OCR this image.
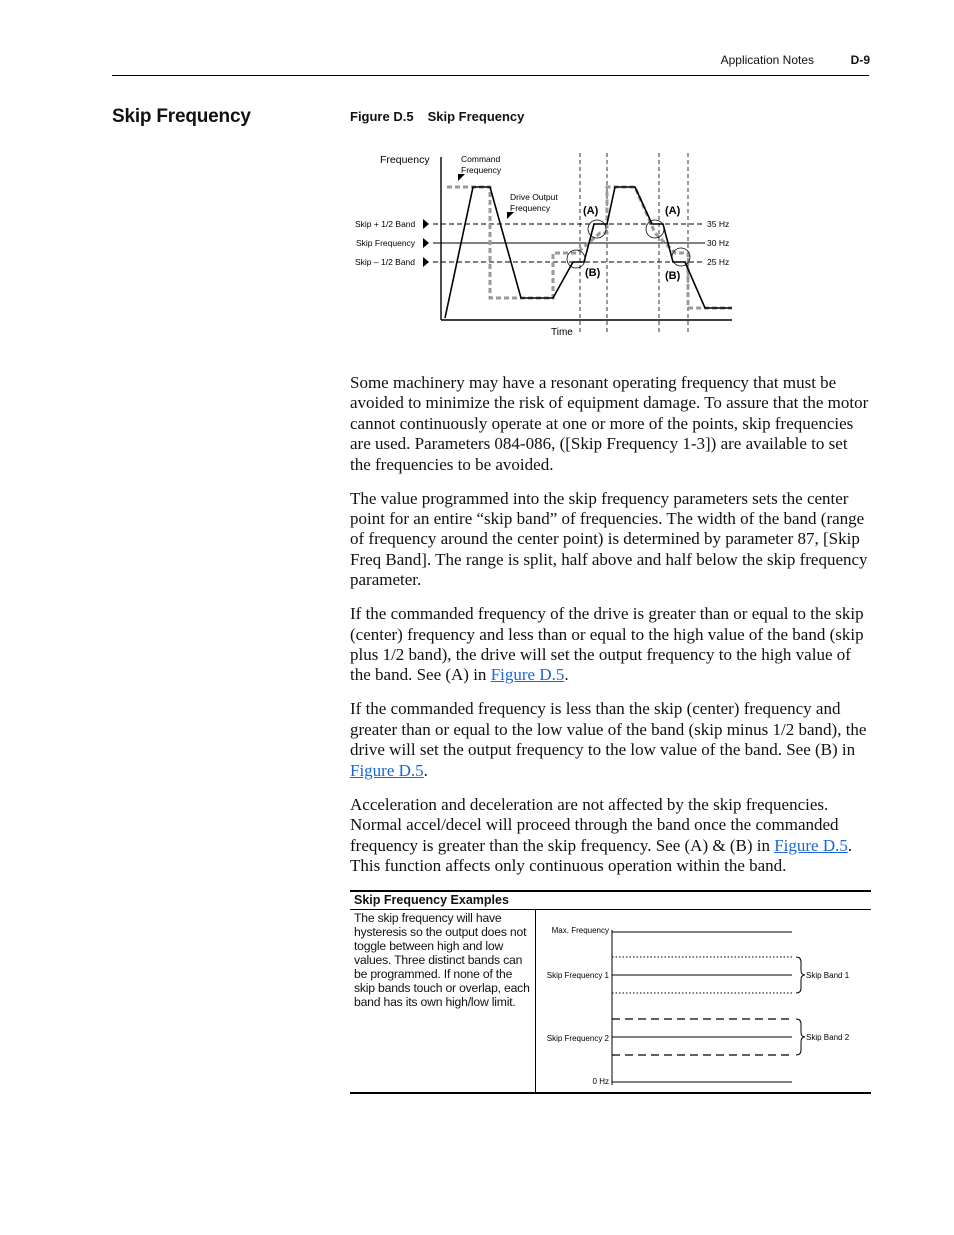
Application Notes	D-9
Skip Frequency	Figure D.5 Skip Frequency
Frequency	Command
Frequency
Drive Output
Frequency
Skip + 1/2 Band
Skip Frequency
Skip – 1/2 Band
35 Hz
30 Hz
25 Hz
(A)	(A)
(B)	(B)
Time

Some machinery may have a resonant operating frequency that must be avoided to minimize the risk of equipment damage. To assure that the motor cannot continuously operate at one or more of the points, skip frequencies are used. Parameters 084-086, ([Skip Frequency 1-3]) are available to set the frequencies to be avoided.

The value programmed into the skip frequency parameters sets the center point for an entire “skip band” of frequencies. The width of the band (range of frequency around the center point) is determined by parameter 87, [Skip Freq Band]. The range is split, half above and half below the skip frequency parameter.

If the commanded frequency of the drive is greater than or equal to the skip (center) frequency and less than or equal to the high value of the band (skip plus 1/2 band), the drive will set the output frequency to the high value of the band. See (A) in Figure D.5.

If the commanded frequency is less than the skip (center) frequency and greater than or equal to the low value of the band (skip minus 1/2 band), the drive will set the output frequency to the low value of the band. See (B) in Figure D.5.

Acceleration and deceleration are not affected by the skip frequencies. Normal accel/decel will proceed through the band once the commanded frequency is greater than the skip frequency. See (A) & (B) in Figure D.5. This function affects only continuous operation within the band.

Skip Frequency Examples
The skip frequency will have hysteresis so the output does not toggle between high and low values. Three distinct bands can be programmed. If none of the skip bands touch or overlap, each band has its own high/low limit.
Max. Frequency
Skip Frequency 1
Skip Frequency 2
0 Hz
Skip Band 1
Skip Band 2
